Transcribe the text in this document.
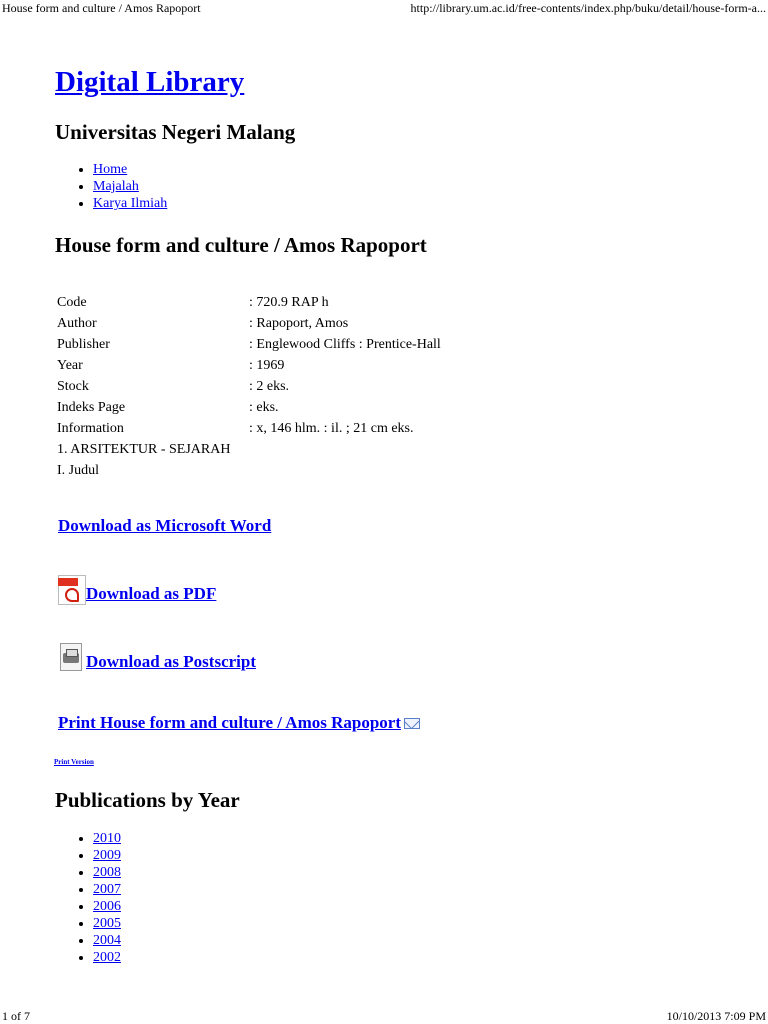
House form and culture / Amos Rapoport	http://library.um.ac.id/free-contents/index.php/buku/detail/house-form-a...
Digital Library
Universitas Negeri Malang
• Home
• Majalah
• Karya Ilmiah
House form and culture / Amos Rapoport
Code	: 720.9 RAP h
Author	: Rapoport, Amos
Publisher	: Englewood Cliffs : Prentice-Hall
Year	: 1969
Stock	: 2 eks.
Indeks Page	: eks.
Information	: x, 146 hlm. : il. ; 21 cm eks.
1. ARSITEKTUR - SEJARAH	
I. Judul	
Download as Microsoft Word
Download as PDF
Download as Postscript
Print House form and culture / Amos Rapoport
Print Version
Publications by Year
• 2010
• 2009
• 2008
• 2007
• 2006
• 2005
• 2004
• 2002
1 of 7	10/10/2013 7:09 PM
